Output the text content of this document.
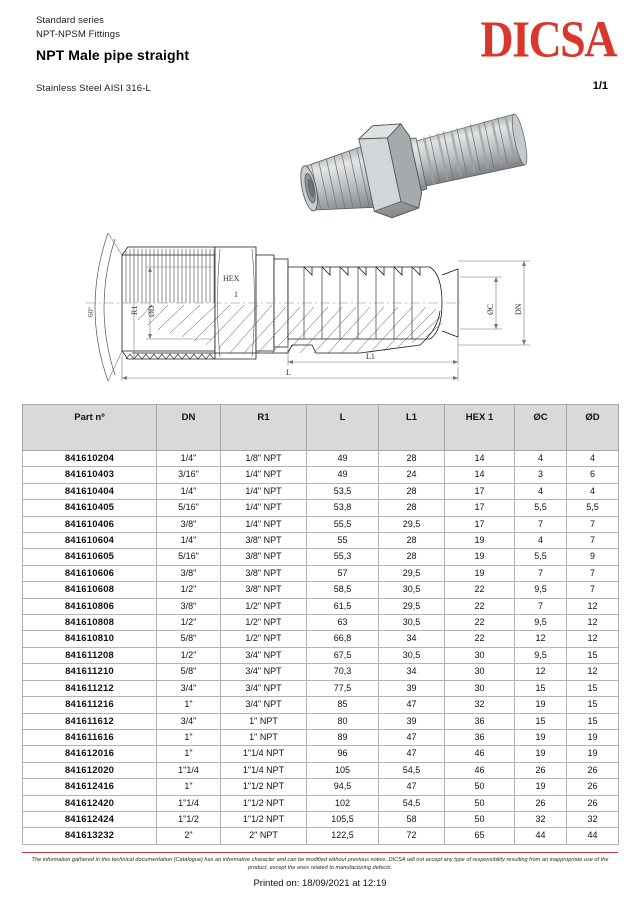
Standard series
NPT-NPSM Fittings
NPT Male pipe straight
Stainless Steel AISI 316-L	1/1
DICSA
60°	R1 ØD
HEX
1
ØC DN
L1
L
Part nº	DN	R1	L	L1	HEX 1	ØC	ØD
841610204	1/4"	1/8" NPT	49	28	14	4	4
841610403	3/16"	1/4" NPT	49	24	14	3	6
841610404	1/4"	1/4" NPT	53,5	28	17	4	4
841610405	5/16"	1/4" NPT	53,8	28	17	5,5	5,5
841610406	3/8"	1/4" NPT	55,5	29,5	17	7	7
841610604	1/4"	3/8" NPT	55	28	19	4	7
841610605	5/16"	3/8" NPT	55,3	28	19	5,5	9
841610606	3/8"	3/8" NPT	57	29,5	19	7	7
841610608	1/2"	3/8" NPT	58,5	30,5	22	9,5	7
841610806	3/8"	1/2" NPT	61,5	29,5	22	7	12
841610808	1/2"	1/2" NPT	63	30,5	22	9,5	12
841610810	5/8"	1/2" NPT	66,8	34	22	12	12
841611208	1/2"	3/4" NPT	67,5	30,5	30	9,5	15
841611210	5/8"	3/4" NPT	70,3	34	30	12	12
841611212	3/4"	3/4" NPT	77,5	39	30	15	15
841611216	1"	3/4" NPT	85	47	32	19	15
841611612	3/4"	1" NPT	80	39	36	15	15
841611616	1"	1" NPT	89	47	36	19	19
841612016	1"	1"1/4 NPT	96	47	46	19	19
841612020	1"1/4	1"1/4 NPT	105	54,5	46	26	26
841612416	1"	1"1/2 NPT	94,5	47	50	19	26
841612420	1"1/4	1"1/2 NPT	102	54,5	50	26	26
841612424	1"1/2	1"1/2 NPT	105,5	58	50	32	32
841613232	2"	2" NPT	122,5	72	65	44	44
The information gathered in this technical documentation (Catalogue) has an informative character and can be modified without previous notice. DICSA will not accept any type of responsibility resulting from an inappropriate use of the product, except the ones related to manufacturing defects.
Printed on: 18/09/2021 at 12:19
